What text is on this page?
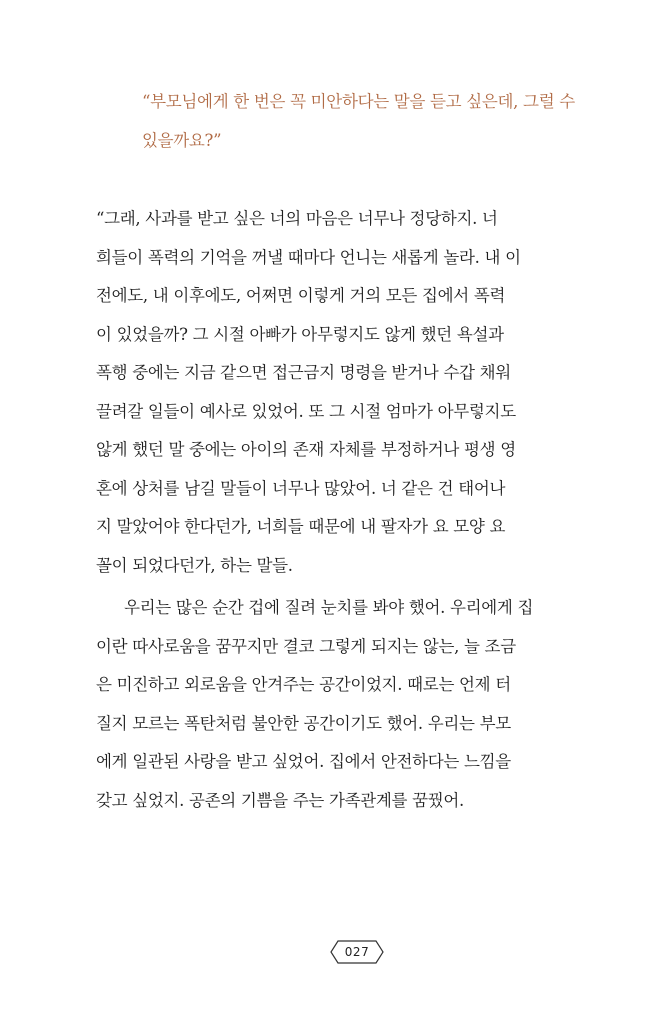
“부모님에게 한 번은 꼭 미안하다는 말을 듣고 싶은데, 그럴 수
있을까요?”
“그래, 사과를 받고 싶은 너의 마음은 너무나 정당하지. 너
희들이 폭력의 기억을 꺼낼 때마다 언니는 새롭게 놀라. 내 이
전에도, 내 이후에도, 어쩌면 이렇게 거의 모든 집에서 폭력
이 있었을까? 그 시절 아빠가 아무렇지도 않게 했던 욕설과
폭행 중에는 지금 같으면 접근금지 명령을 받거나 수갑 채워
끌려갈 일들이 예사로 있었어. 또 그 시절 엄마가 아무렇지도
않게 했던 말 중에는 아이의 존재 자체를 부정하거나 평생 영
혼에 상처를 남길 말들이 너무나 많았어. 너 같은 건 태어나
지 말았어야 한다던가, 너희들 때문에 내 팔자가 요 모양 요
꼴이 되었다던가, 하는 말들.
우리는 많은 순간 겁에 질려 눈치를 봐야 했어. 우리에게 집
이란 따사로움을 꿈꾸지만 결코 그렇게 되지는 않는, 늘 조금
은 미진하고 외로움을 안겨주는 공간이었지. 때로는 언제 터
질지 모르는 폭탄처럼 불안한 공간이기도 했어. 우리는 부모
에게 일관된 사랑을 받고 싶었어. 집에서 안전하다는 느낌을
갖고 싶었지. 공존의 기쁨을 주는 가족관계를 꿈꿨어.
027
